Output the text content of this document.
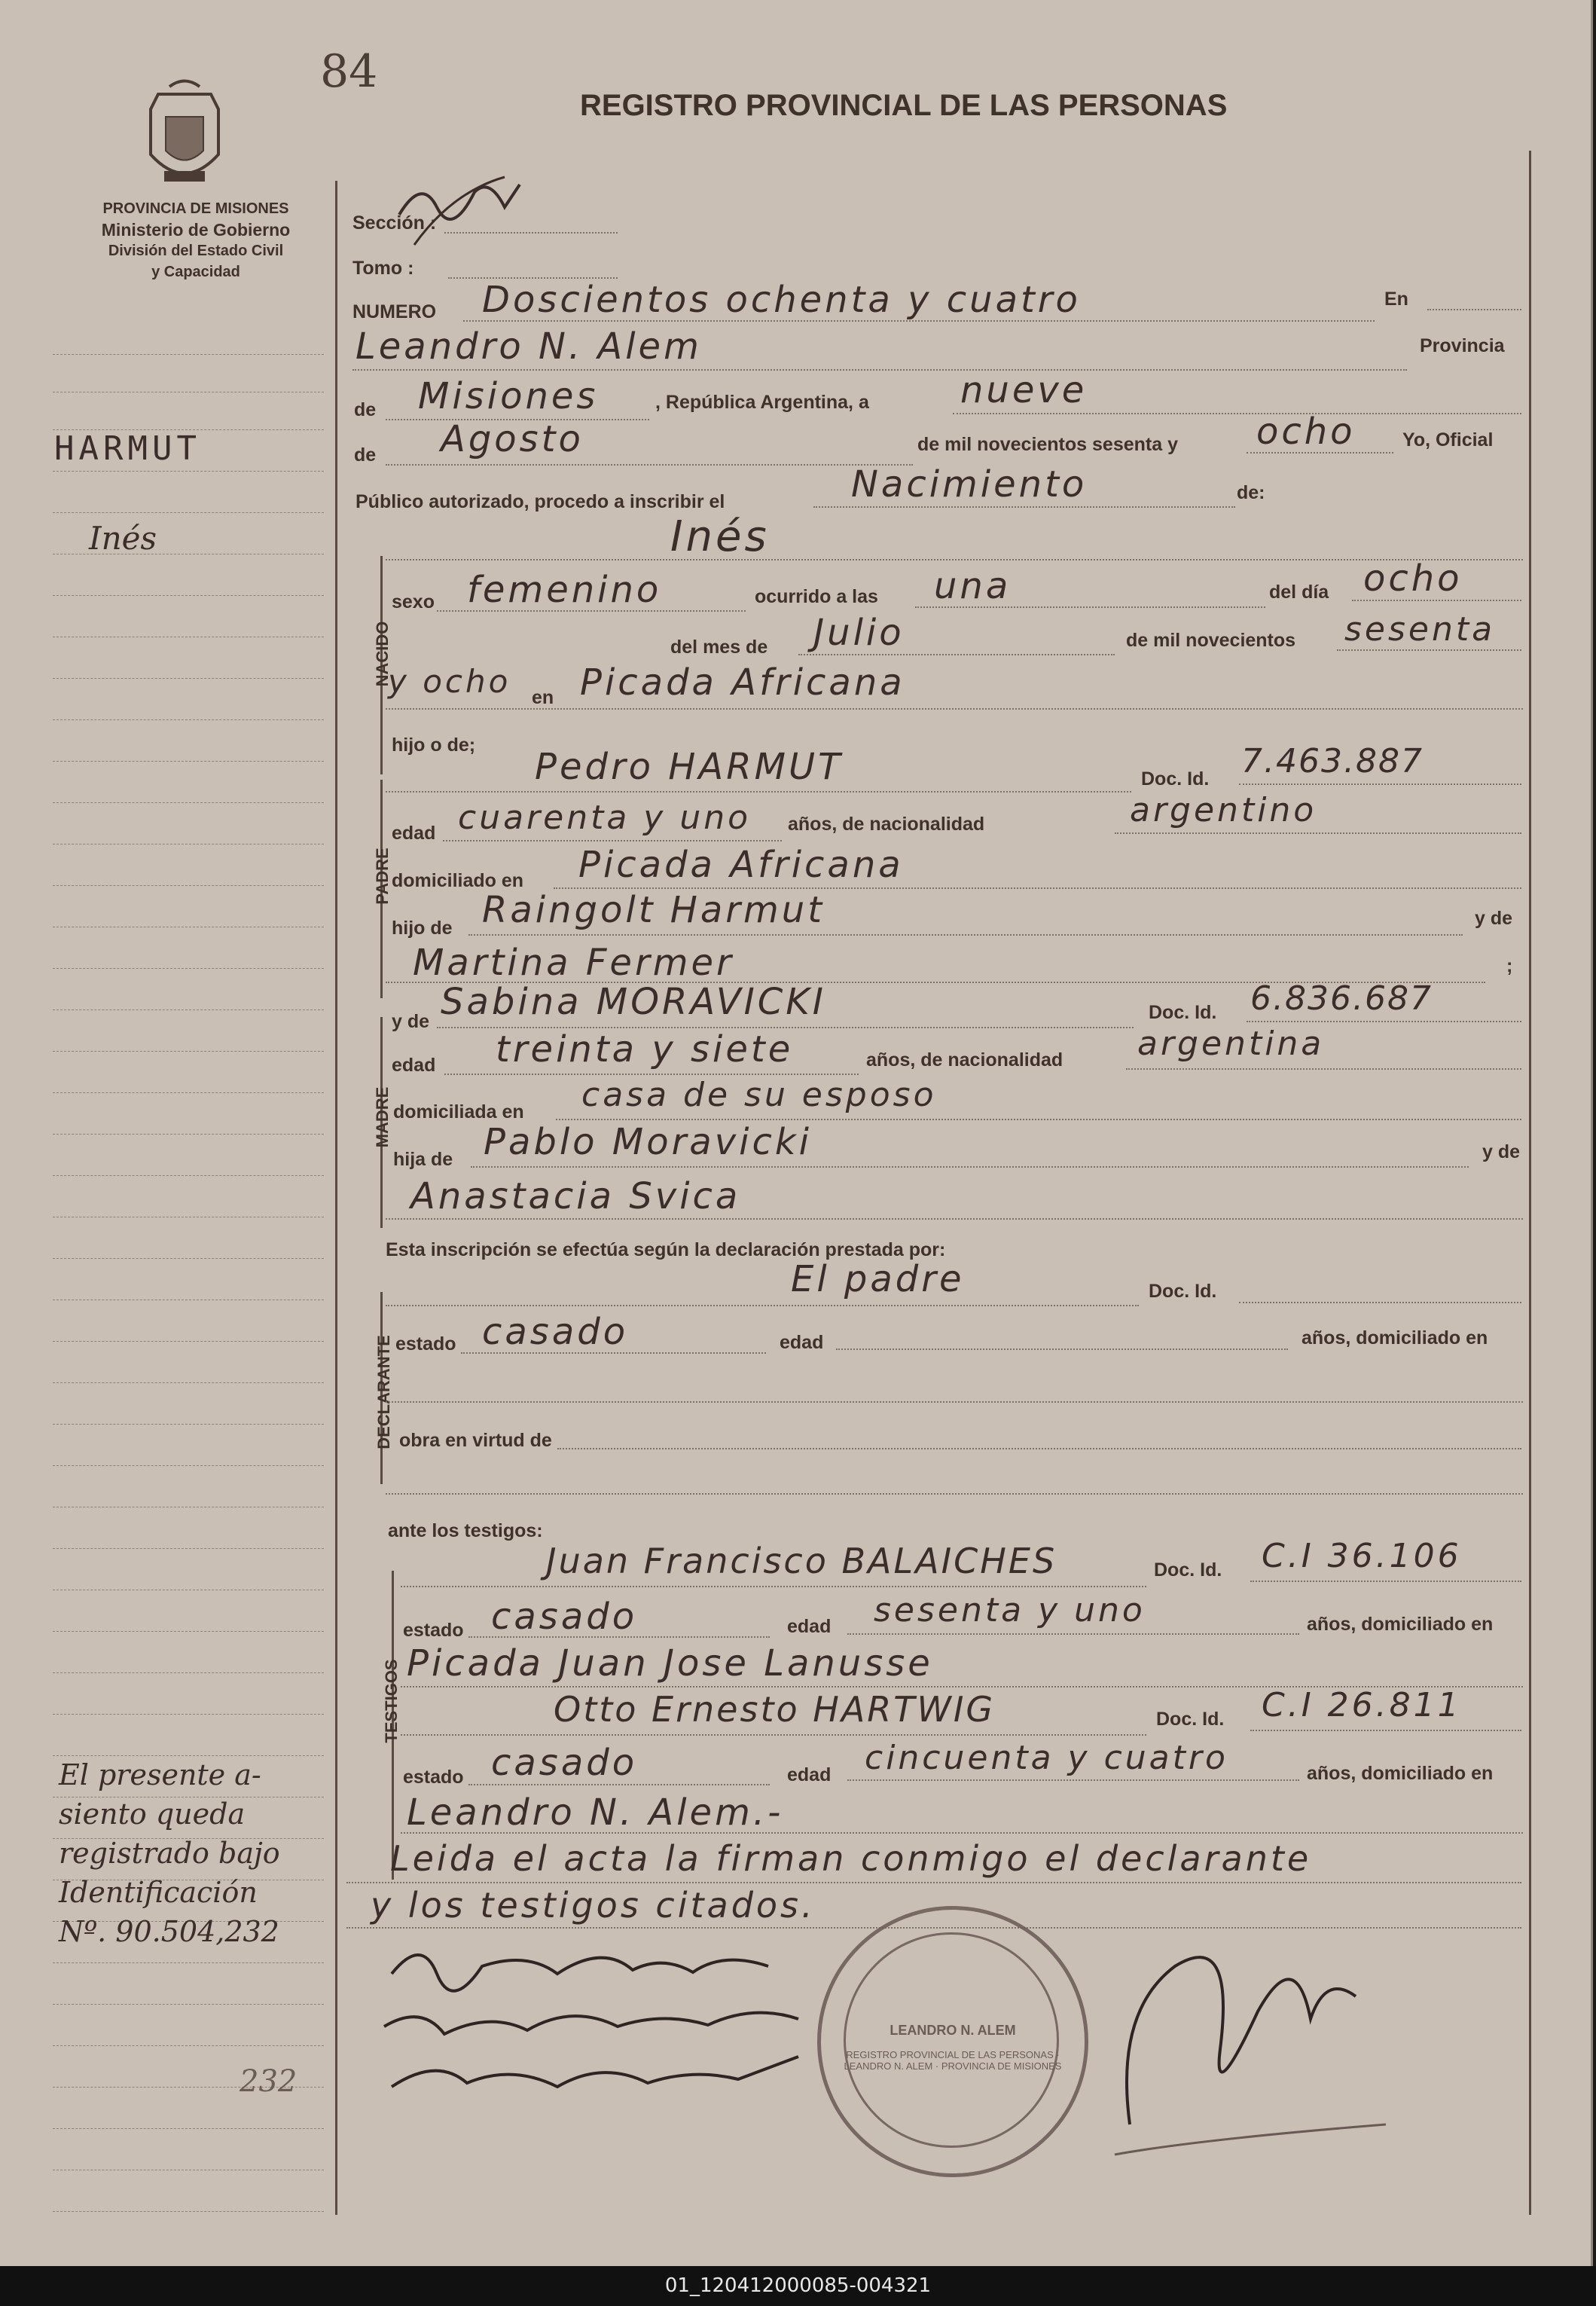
84
REGISTRO PROVINCIAL DE LAS PERSONAS
PROVINCIA DE MISIONES
Ministerio de Gobierno
División del Estado Civil
y Capacidad
HARMUT
Inés
El presente a-
siento queda
registrado bajo
Identificación
Nº. 90.504,232
232
Sección :
Tomo :
NUMERO Doscientos ochenta y cuatro	En
Leandro N. Alem	Provincia
de Misiones	, República Argentina, a	nueve
de Agosto	de mil novecientos sesenta y ocho Yo, Oficial
Público autorizado, procedo a inscribir el	Nacimiento	de:
Inés
NACIDO
sexo femenino	ocurrido a las una	del día ocho
del mes de Julio	de mil novecientos sesenta
y ocho en Picada Africana
hijo o de;
Pedro HARMUT	Doc. Id. 7.463.887
PADRE
edad cuarenta y uno años, de nacionalidad	argentino
domiciliado en Picada Africana
hijo de Raingolt Harmut	y de
Martina Fermer	;
y de Sabina MORAVICKI	Doc. Id. 6.836.687
MADRE
edad treinta y siete	años, de nacionalidad argentina
domiciliada en casa de su esposo
hija de Pablo Moravicki	y de
Anastacia Svica
Esta inscripción se efectúa según la declaración prestada por:
El padre	Doc. Id.
DECLARANTE estado casado	edad	años, domiciliado en
obra en virtud de
ante los testigos:
Juan Francisco BALAICHES	Doc. Id. C.I 36.106
TESTIGOS
estado casado	edad sesenta y uno	años, domiciliado en
Picada Juan Jose Lanusse
Otto Ernesto HARTWIG	Doc. Id. C.I 26.811
estado casado	edad cincuenta y cuatro	años, domiciliado en
Leandro N. Alem.-
Leida el acta la firman conmigo el declarante
y los testigos citados.
LEANDRO N. ALEM
REGISTRO PROVINCIAL DE LAS PERSONAS · LEANDRO N. ALEM · PROVINCIA DE MISIONES
01_120412000085-004321
